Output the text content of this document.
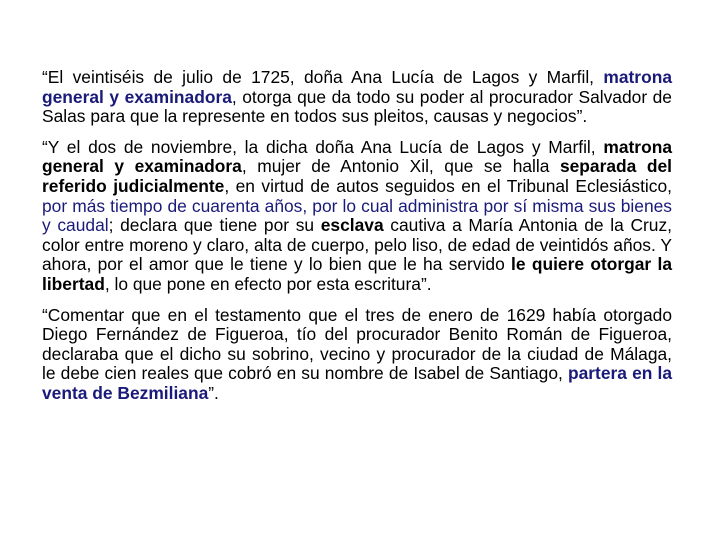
“El veintiséis de julio de 1725, doña Ana Lucía de Lagos y Marfil, matrona general y examinadora, otorga que da todo su poder al procurador Salvador de Salas para que la represente en todos sus pleitos, causas y negocios”.

“Y el dos de noviembre, la dicha doña Ana Lucía de Lagos y Marfil, matrona general y examinadora, mujer de Antonio Xil, que se halla separada del referido judicialmente, en virtud de autos seguidos en el Tribunal Eclesiástico, por más tiempo de cuarenta años, por lo cual administra por sí misma sus bienes y caudal; declara que tiene por su esclava cautiva a María Antonia de la Cruz, color entre moreno y claro, alta de cuerpo, pelo liso, de edad de veintidós años. Y ahora, por el amor que le tiene y lo bien que le ha servido le quiere otorgar la libertad, lo que pone en efecto por esta escritura”.

“Comentar que en el testamento que el tres de enero de 1629 había otorgado Diego Fernández de Figueroa, tío del procurador Benito Román de Figueroa, declaraba que el dicho su sobrino, vecino y procurador de la ciudad de Málaga, le debe cien reales que cobró en su nombre de Isabel de Santiago, partera en la venta de Bezmiliana”.
